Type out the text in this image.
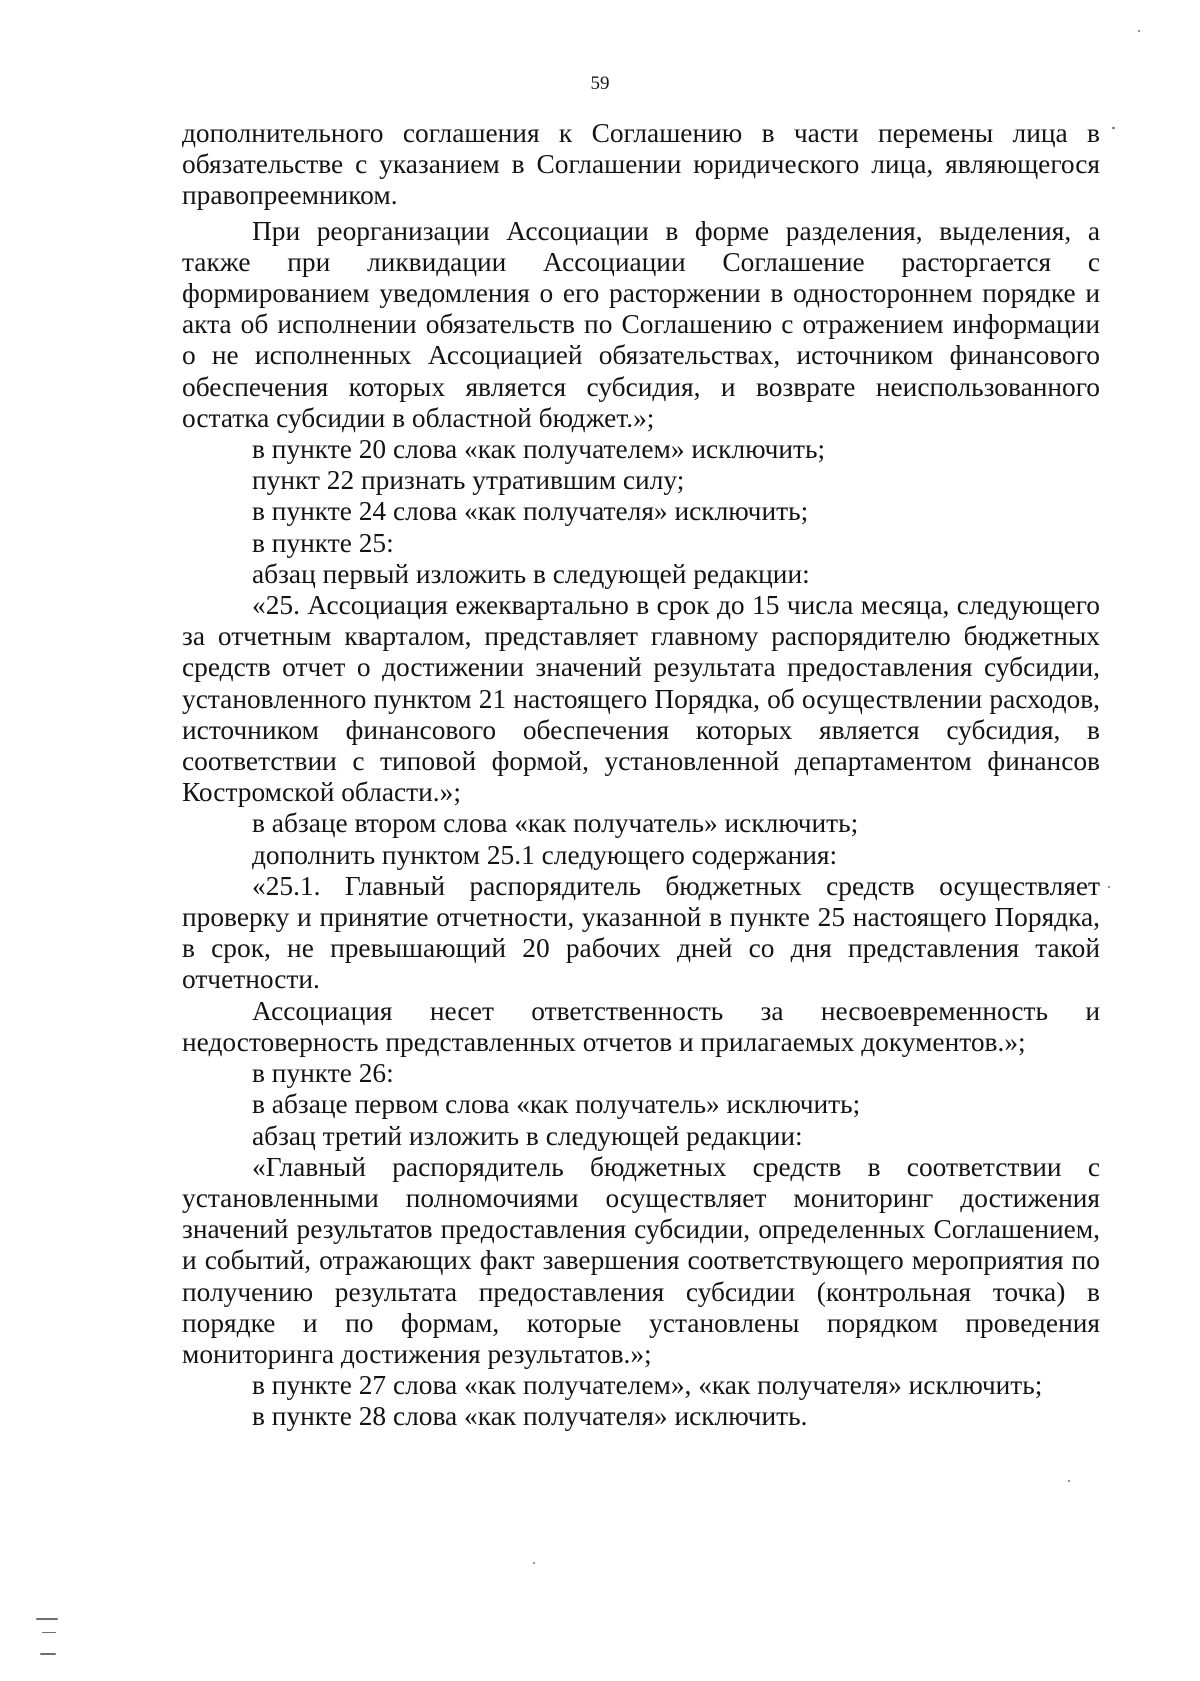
59

дополнительного соглашения к Соглашению в части перемены лица в обязательстве с указанием в Соглашении юридического лица, являющегося правопреемником.

При реорганизации Ассоциации в форме разделения, выделения, а также при ликвидации Ассоциации Соглашение расторгается с формированием уведомления о его расторжении в одностороннем порядке и акта об исполнении обязательств по Соглашению с отражением информации о не исполненных Ассоциацией обязательствах, источником финансового обеспечения которых является субсидия, и возврате неиспользованного остатка субсидии в областной бюджет.»;

в пункте 20 слова «как получателем» исключить;

пункт 22 признать утратившим силу;

в пункте 24 слова «как получателя» исключить;

в пункте 25:

абзац первый изложить в следующей редакции:

«25. Ассоциация ежеквартально в срок до 15 числа месяца, следующего за отчетным кварталом, представляет главному распорядителю бюджетных средств отчет о достижении значений результата предоставления субсидии, установленного пунктом 21 настоящего Порядка, об осуществлении расходов, источником финансового обеспечения которых является субсидия, в соответствии с типовой формой, установленной департаментом финансов Костромской области.»;

в абзаце втором слова «как получатель» исключить;

дополнить пунктом 25.1 следующего содержания:

«25.1. Главный распорядитель бюджетных средств осуществляет проверку и принятие отчетности, указанной в пункте 25 настоящего Порядка, в срок, не превышающий 20 рабочих дней со дня представления такой отчетности.

Ассоциация несет ответственность за несвоевременность и недостоверность представленных отчетов и прилагаемых документов.»;

в пункте 26:

в абзаце первом слова «как получатель» исключить;

абзац третий изложить в следующей редакции:

«Главный распорядитель бюджетных средств в соответствии с установленными полномочиями осуществляет мониторинг достижения значений результатов предоставления субсидии, определенных Соглашением, и событий, отражающих факт завершения соответствующего мероприятия по получению результата предоставления субсидии (контрольная точка) в порядке и по формам, которые установлены порядком проведения мониторинга достижения результатов.»;

в пункте 27 слова «как получателем», «как получателя» исключить;

в пункте 28 слова «как получателя» исключить.
